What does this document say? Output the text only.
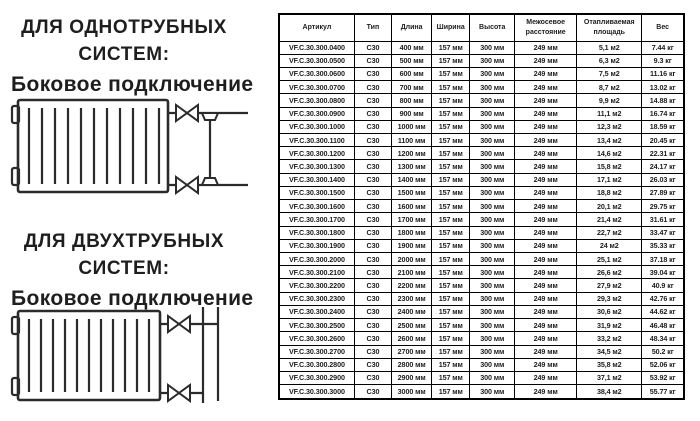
ДЛЯ ОДНОТРУБНЫХ
СИСТЕМ:
Боковое подключение
ДЛЯ ДВУХТРУБНЫХ
СИСТЕМ:
Боковое подключение
Артикул	Тип	Длина	Ширина	Высота	Межосевое расстояние	Отапливаемая площадь	Вес
VF.C.30.300.0400	C30	400 мм	157 мм	300 мм	249 мм	5,1 м2	7.44 кг
VF.C.30.300.0500	C30	500 мм	157 мм	300 мм	249 мм	6,3 м2	9.3 кг
VF.C.30.300.0600	C30	600 мм	157 мм	300 мм	249 мм	7,5 м2	11.16 кг
VF.C.30.300.0700	C30	700 мм	157 мм	300 мм	249 мм	8,7 м2	13.02 кг
VF.C.30.300.0800	C30	800 мм	157 мм	300 мм	249 мм	9,9 м2	14.88 кг
VF.C.30.300.0900	C30	900 мм	157 мм	300 мм	249 мм	11,1 м2	16.74 кг
VF.C.30.300.1000	C30	1000 мм	157 мм	300 мм	249 мм	12,3 м2	18.59 кг
VF.C.30.300.1100	C30	1100 мм	157 мм	300 мм	249 мм	13,4 м2	20.45 кг
VF.C.30.300.1200	C30	1200 мм	157 мм	300 мм	249 мм	14,6 м2	22.31 кг
VF.C.30.300.1300	C30	1300 мм	157 мм	300 мм	249 мм	15,8 м2	24.17 кг
VF.C.30.300.1400	C30	1400 мм	157 мм	300 мм	249 мм	17,1 м2	26.03 кг
VF.C.30.300.1500	C30	1500 мм	157 мм	300 мм	249 мм	18,8 м2	27.89 кг
VF.C.30.300.1600	C30	1600 мм	157 мм	300 мм	249 мм	20,1 м2	29.75 кг
VF.C.30.300.1700	C30	1700 мм	157 мм	300 мм	249 мм	21,4 м2	31.61 кг
VF.C.30.300.1800	C30	1800 мм	157 мм	300 мм	249 мм	22,7 м2	33.47 кг
VF.C.30.300.1900	C30	1900 мм	157 мм	300 мм	249 мм	24 м2	35.33 кг
VF.C.30.300.2000	C30	2000 мм	157 мм	300 мм	249 мм	25,1 м2	37.18 кг
VF.C.30.300.2100	C30	2100 мм	157 мм	300 мм	249 мм	26,6 м2	39.04 кг
VF.C.30.300.2200	C30	2200 мм	157 мм	300 мм	249 мм	27,9 м2	40.9 кг
VF.C.30.300.2300	C30	2300 мм	157 мм	300 мм	249 мм	29,3 м2	42.76 кг
VF.C.30.300.2400	C30	2400 мм	157 мм	300 мм	249 мм	30,6 м2	44.62 кг
VF.C.30.300.2500	C30	2500 мм	157 мм	300 мм	249 мм	31,9 м2	46.48 кг
VF.C.30.300.2600	C30	2600 мм	157 мм	300 мм	249 мм	33,2 м2	48.34 кг
VF.C.30.300.2700	C30	2700 мм	157 мм	300 мм	249 мм	34,5 м2	50.2 кг
VF.C.30.300.2800	C30	2800 мм	157 мм	300 мм	249 мм	35,8 м2	52.06 кг
VF.C.30.300.2900	C30	2900 мм	157 мм	300 мм	249 мм	37,1 м2	53.92 кг
VF.C.30.300.3000	C30	3000 мм	157 мм	300 мм	249 мм	38,4 м2	55.77 кг
